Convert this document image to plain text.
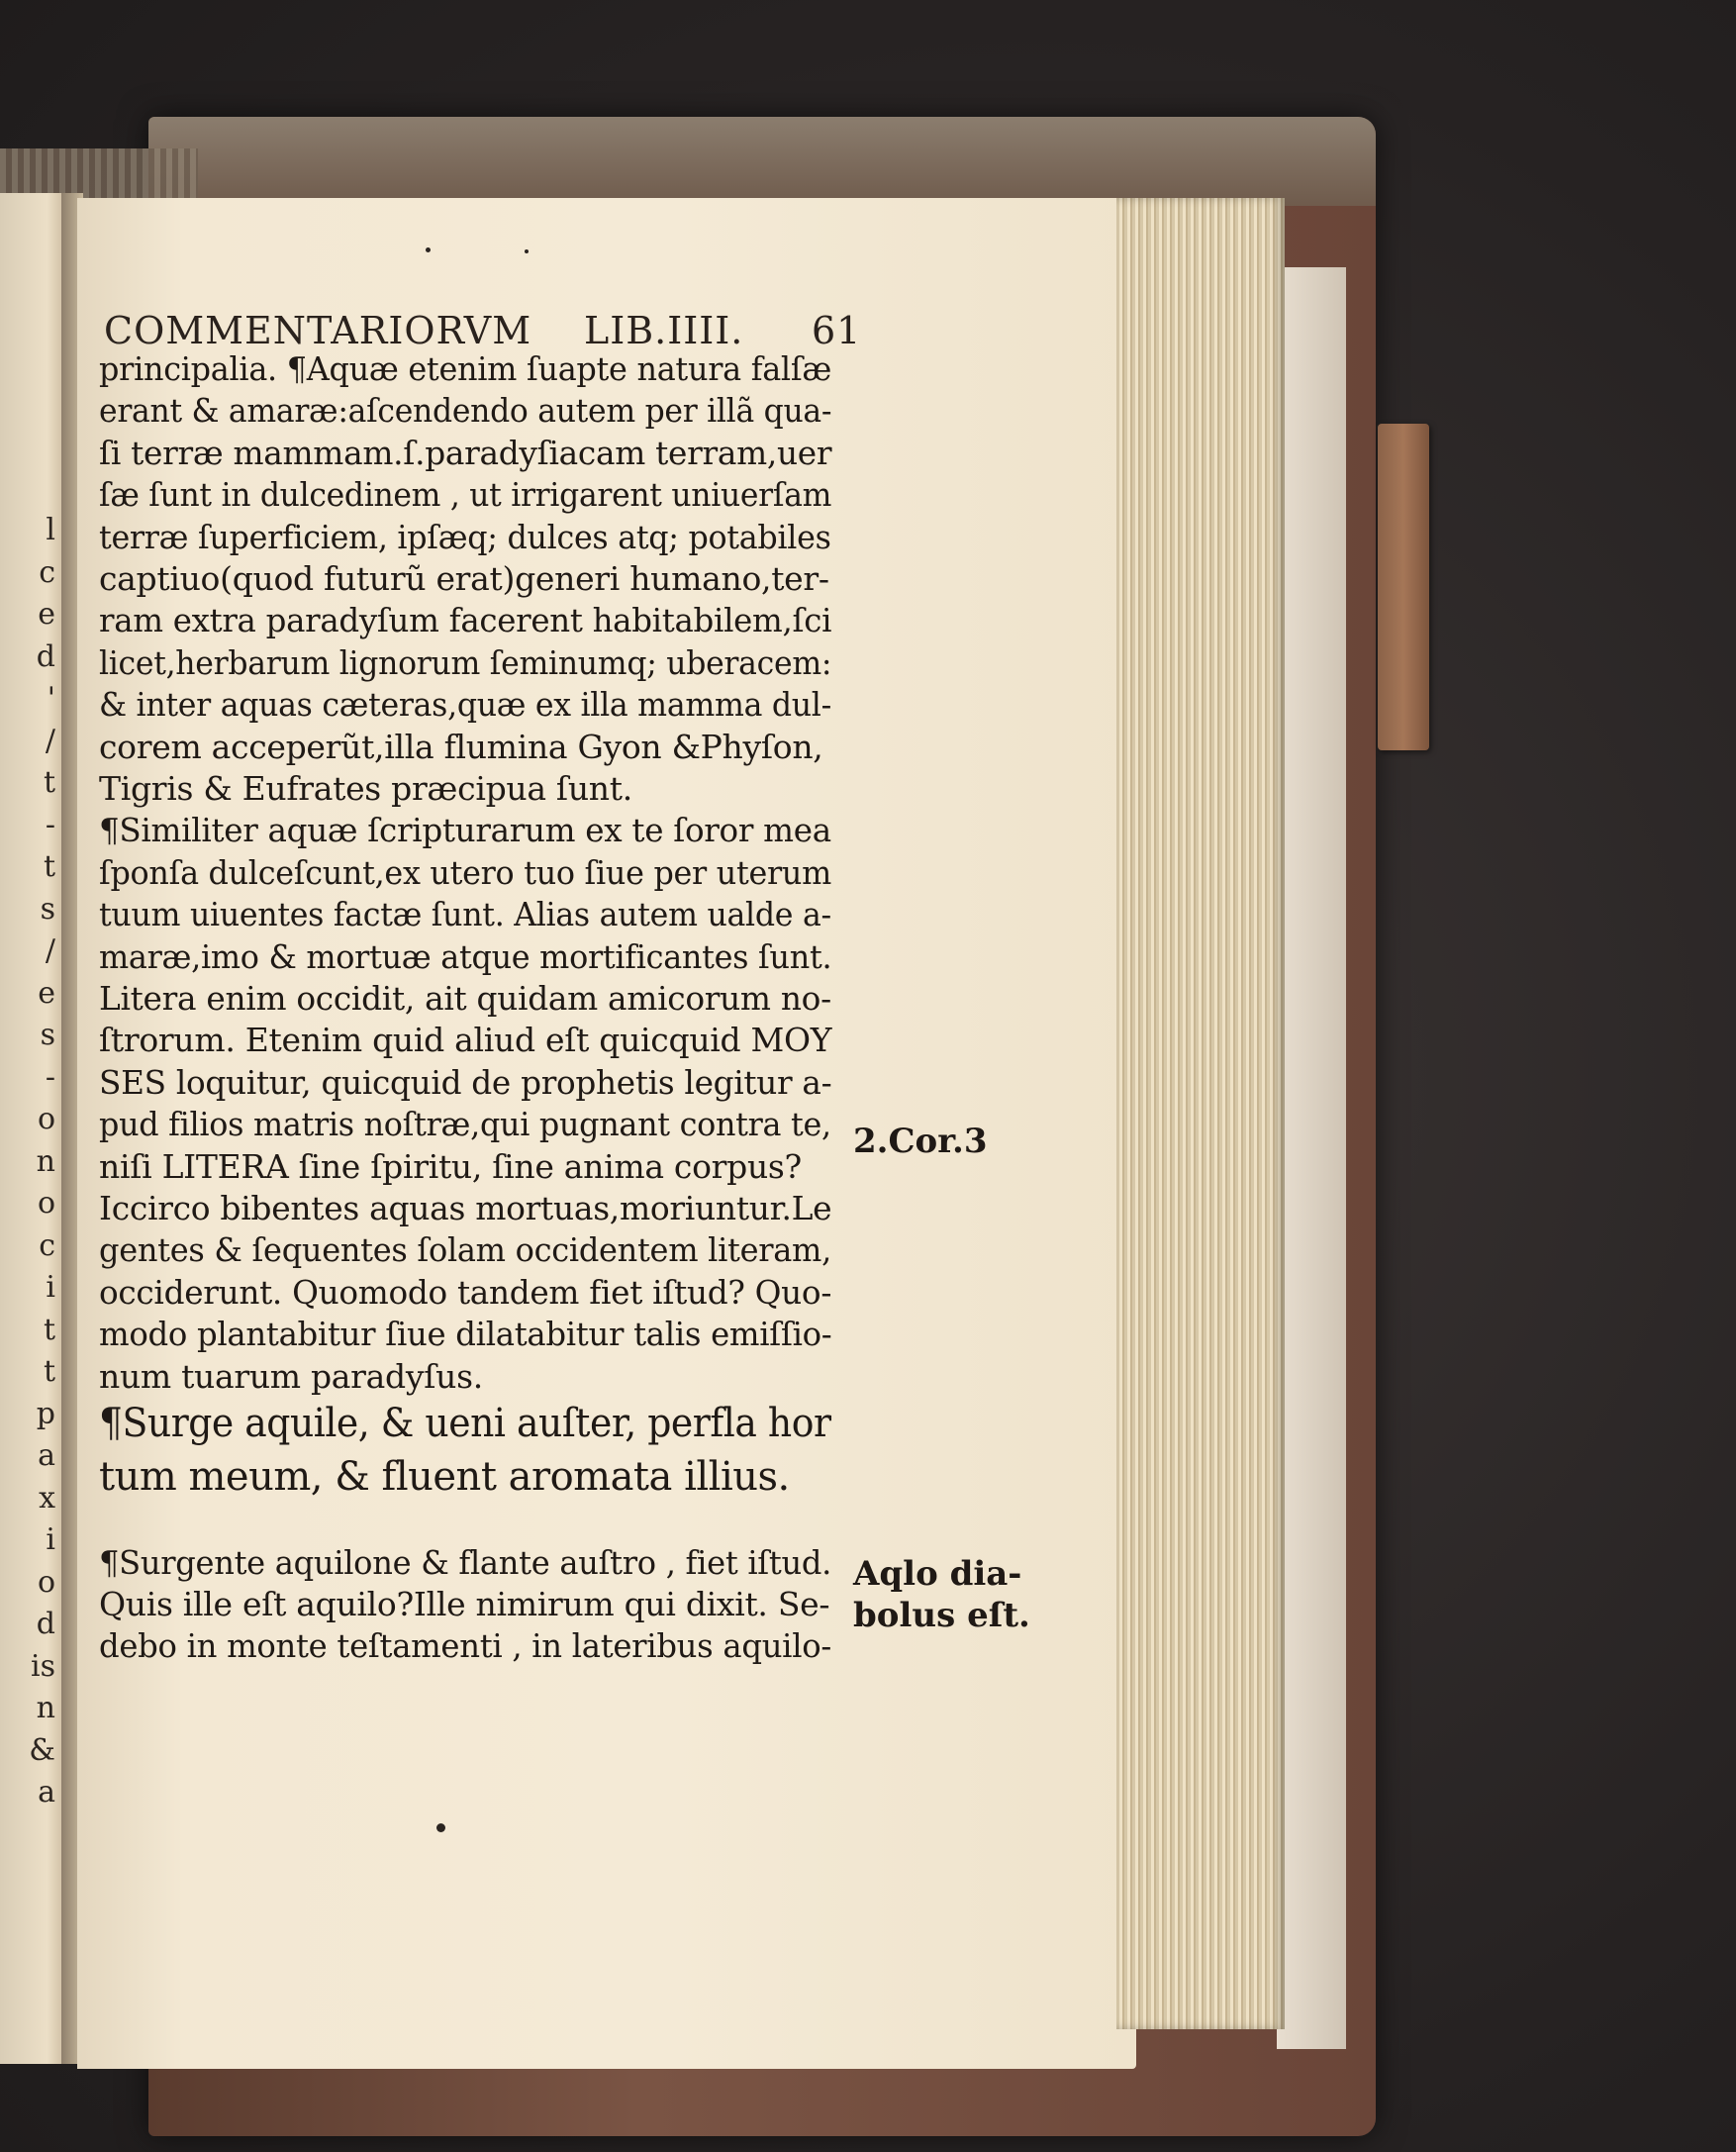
l
c
e
d
'
/
t
-
t
s
/
e
s
-
o
n
o
c
i
t
t
p
a
x
i
o
d
is
n
&
a
COMMENTARIORVM LIB.IIII. 61
principalia. ¶Aquæ etenim ſuapte natura falſæ
erant & amaræ:aſcendendo autem per illã qua-
ſi terræ mammam.ſ.paradyſiacam terram,uer
ſæ ſunt in dulcedinem , ut irrigarent uniuerſam
terræ ſuperficiem, ipſæq; dulces atq; potabiles
captiuo(quod futurũ erat)generi humano,ter-
ram extra paradyſum facerent habitabilem,ſci
licet,herbarum lignorum ſeminumq; uberacem:
& inter aquas cæteras,quæ ex illa mamma dul-
corem acceperũt,illa flumina Gyon &Phyſon,
Tigris & Eufrates præcipua ſunt.
¶Similiter aquæ ſcripturarum ex te ſoror mea
ſponſa dulceſcunt,ex utero tuo ſiue per uterum
tuum uiuentes factæ ſunt. Alias autem ualde a-
maræ,imo & mortuæ atque mortificantes ſunt.
Litera enim occidit, ait quidam amicorum no-
ſtrorum. Etenim quid aliud eſt quicquid MOY
SES loquitur, quicquid de prophetis legitur a-
pud filios matris noſtræ,qui pugnant contra te,
niſi LITERA ſine ſpiritu, ſine anima corpus?
Iccirco bibentes aquas mortuas,moriuntur.Le
gentes & ſequentes ſolam occidentem literam,
occiderunt. Quomodo tandem fiet iſtud? Quo-
modo plantabitur ſiue dilatabitur talis emiſſio-
num tuarum paradyſus.
¶Surge aquile, & ueni auſter, perfla hor
tum meum, & fluent aromata illius.
¶Surgente aquilone & flante auſtro , fiet iſtud.
Quis ille eſt aquilo?Ille nimirum qui dixit. Se-
debo in monte teſtamenti , in lateribus aquilo-
2.Cor.3
Aqlo dia-
bolus eſt.
